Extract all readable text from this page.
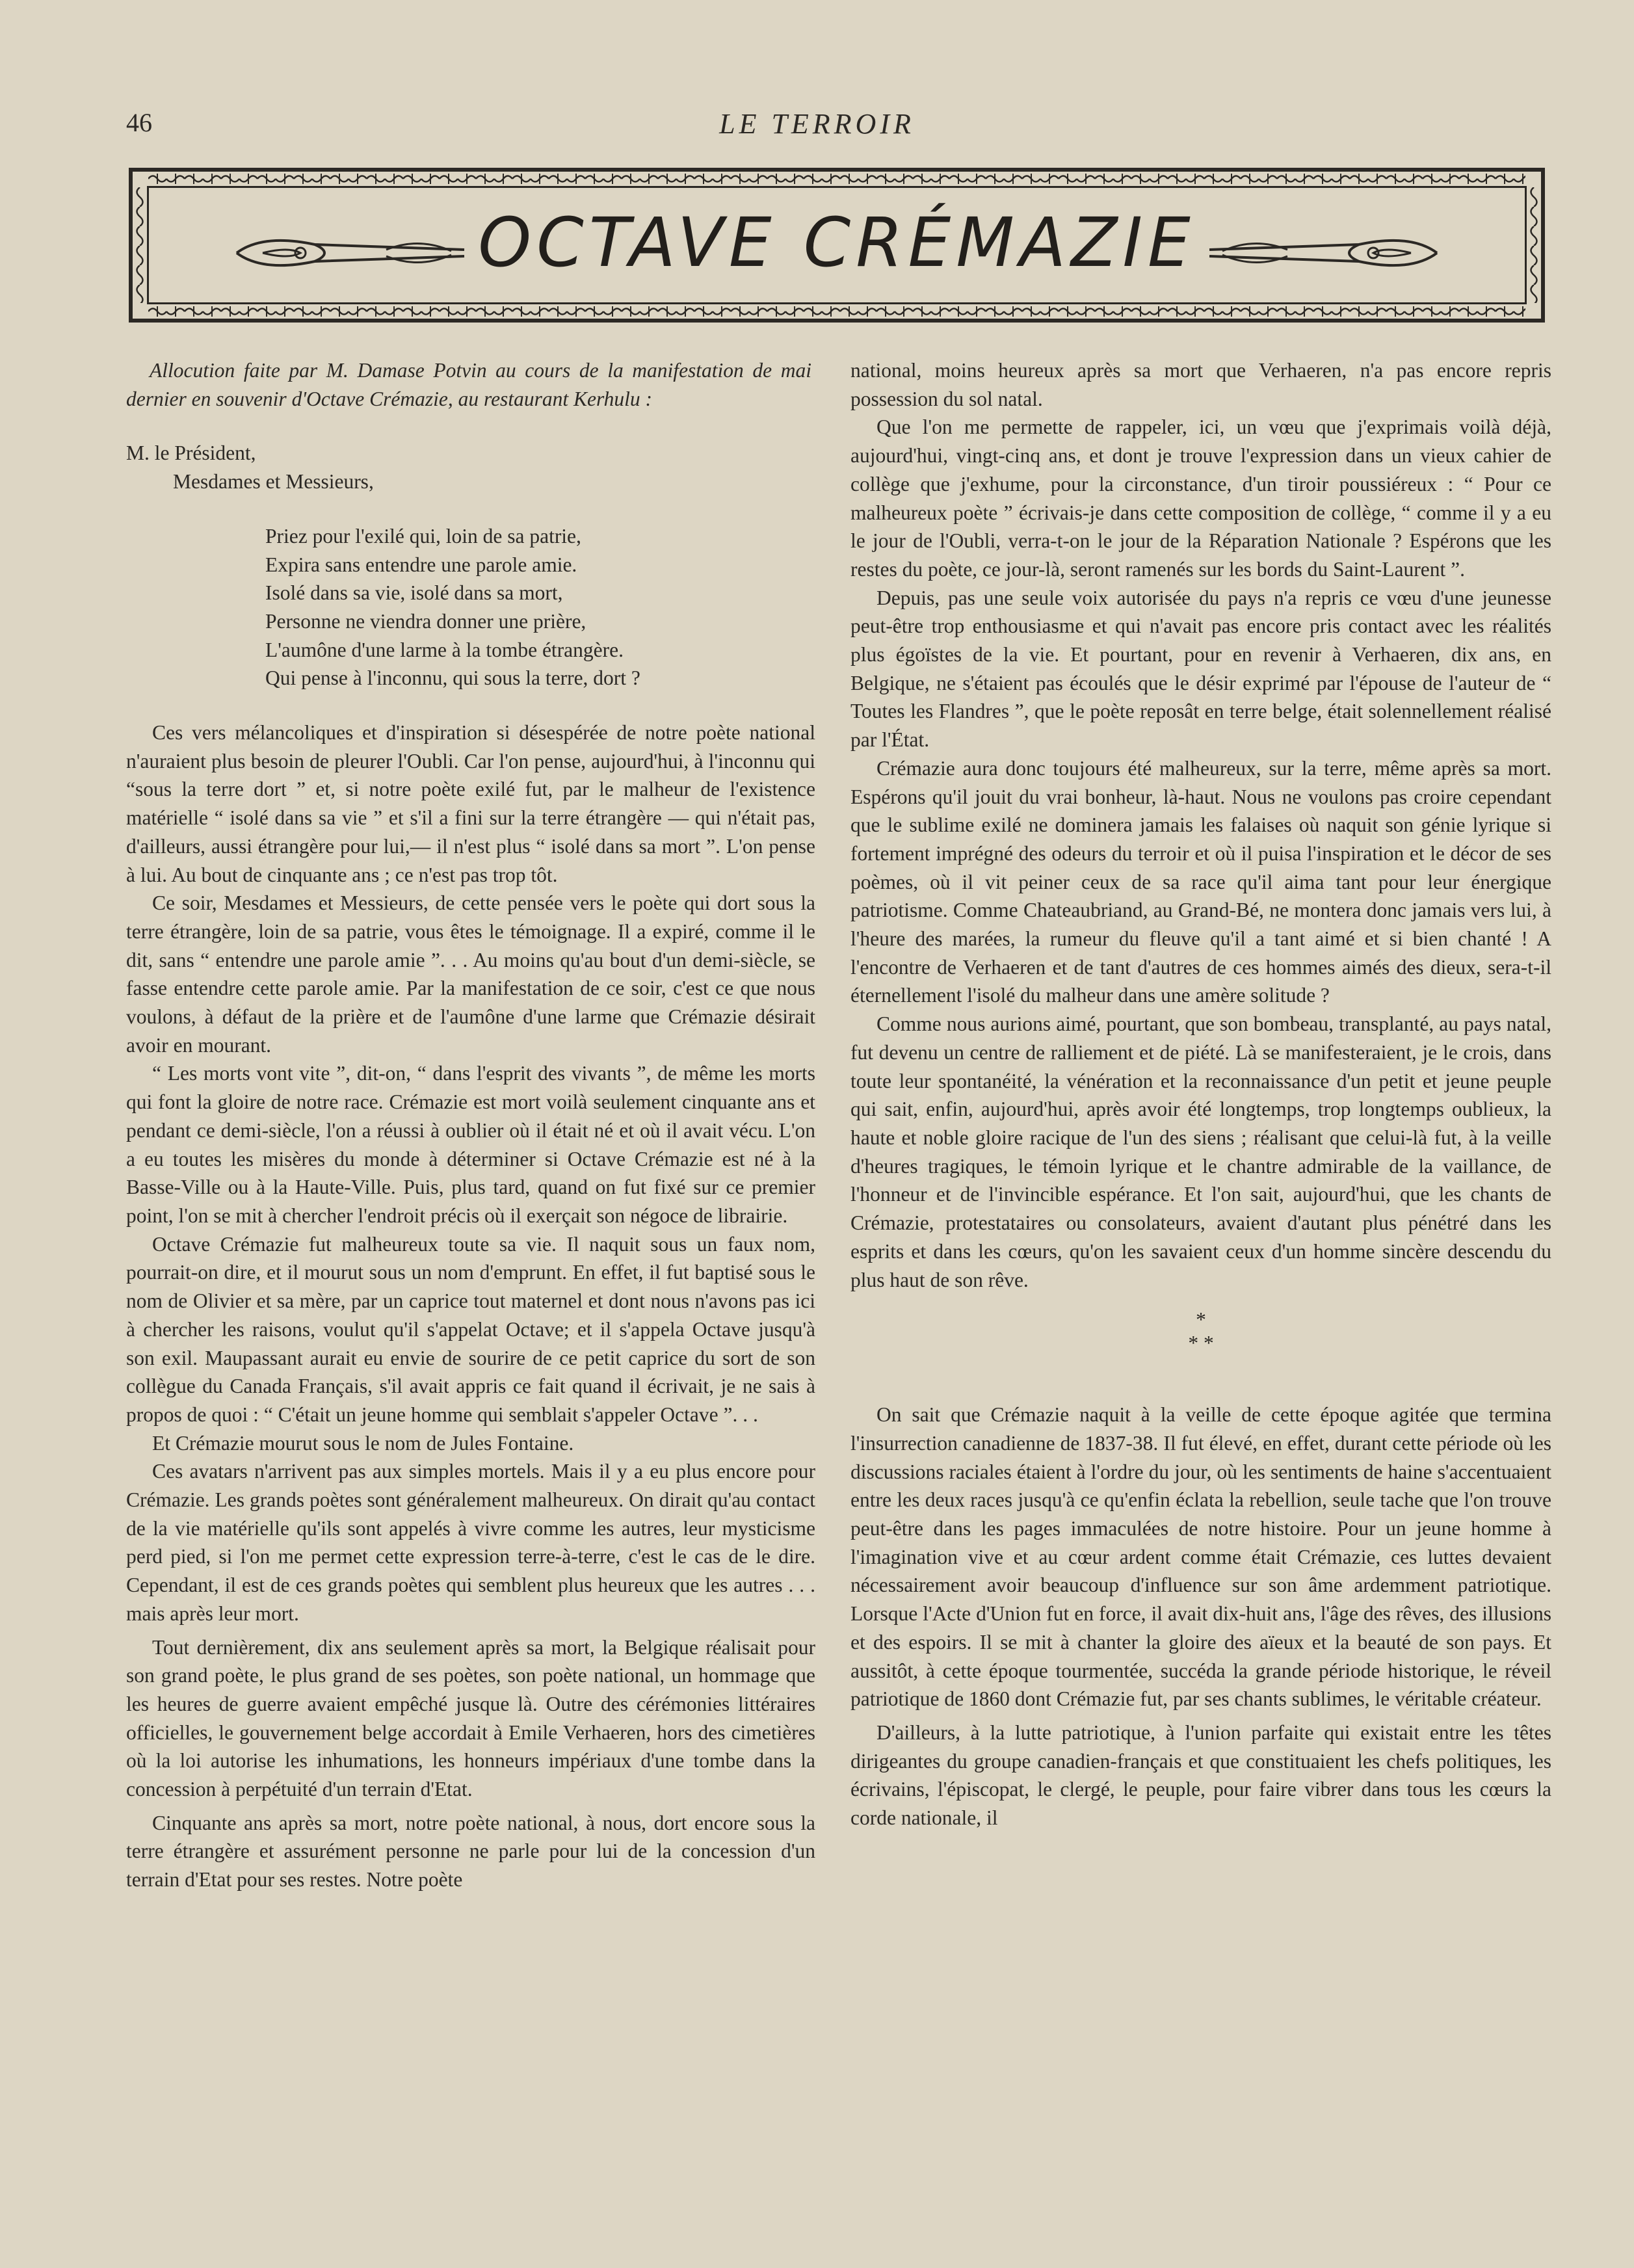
LE TERROIR
46
OCTAVE CRÉMAZIE

Allocution faite par M. Damase Potvin au cours de la manifestation de mai dernier en souvenir d'Octave Crémazie, au restaurant Kerhulu :

M. le Président,

Mesdames et Messieurs,

Priez pour l'exilé qui, loin de sa patrie,
Expira sans entendre une parole amie.
Isolé dans sa vie, isolé dans sa mort,
Personne ne viendra donner une prière,
L'aumône d'une larme à la tombe étrangère.
Qui pense à l'inconnu, qui sous la terre, dort ?

Ces vers mélancoliques et d'inspiration si désespérée de notre poète national n'auraient plus besoin de pleurer l'Oubli. Car l'on pense, aujourd'hui, à l'inconnu qui “sous la terre dort ” et, si notre poète exilé fut, par le malheur de l'existence matérielle “ isolé dans sa vie ” et s'il a fini sur la terre étrangère — qui n'était pas, d'ailleurs, aussi étrangère pour lui,— il n'est plus “ isolé dans sa mort ”. L'on pense à lui. Au bout de cinquante ans ; ce n'est pas trop tôt.

Ce soir, Mesdames et Messieurs, de cette pensée vers le poète qui dort sous la terre étrangère, loin de sa patrie, vous êtes le témoignage. Il a expiré, comme il le dit, sans “ entendre une parole amie ”. . . Au moins qu'au bout d'un demi-siècle, se fasse entendre cette parole amie. Par la manifestation de ce soir, c'est ce que nous voulons, à défaut de la prière et de l'aumône d'une larme que Crémazie désirait avoir en mourant.

“ Les morts vont vite ”, dit-on, “ dans l'esprit des vivants ”, de même les morts qui font la gloire de notre race. Crémazie est mort voilà seulement cinquante ans et pendant ce demi-siècle, l'on a réussi à oublier où il était né et où il avait vécu. L'on a eu toutes les misères du monde à déterminer si Octave Crémazie est né à la Basse-Ville ou à la Haute-Ville. Puis, plus tard, quand on fut fixé sur ce premier point, l'on se mit à chercher l'endroit précis où il exerçait son négoce de librairie.

Octave Crémazie fut malheureux toute sa vie. Il naquit sous un faux nom, pourrait-on dire, et il mourut sous un nom d'emprunt. En effet, il fut baptisé sous le nom de Olivier et sa mère, par un caprice tout maternel et dont nous n'avons pas ici à chercher les raisons, voulut qu'il s'appelat Octave; et il s'appela Octave jusqu'à son exil. Maupassant aurait eu envie de sourire de ce petit caprice du sort de son collègue du Canada Français, s'il avait appris ce fait quand il écrivait, je ne sais à propos de quoi : “ C'était un jeune homme qui semblait s'appeler Octave ”. . .

Et Crémazie mourut sous le nom de Jules Fontaine.

Ces avatars n'arrivent pas aux simples mortels. Mais il y a eu plus encore pour Crémazie. Les grands poètes sont généralement malheureux. On dirait qu'au contact de la vie matérielle qu'ils sont appelés à vivre comme les autres, leur mysticisme perd pied, si l'on me permet cette expression terre-à-terre, c'est le cas de le dire. Cependant, il est de ces grands poètes qui semblent plus heureux que les autres . . . mais après leur mort.

Tout dernièrement, dix ans seulement après sa mort, la Belgique réalisait pour son grand poète, le plus grand de ses poètes, son poète national, un hommage que les heures de guerre avaient empêché jusque là. Outre des cérémonies littéraires officielles, le gouvernement belge accordait à Emile Verhaeren, hors des cimetières où la loi autorise les inhumations, les honneurs impériaux d'une tombe dans la concession à perpétuité d'un terrain d'Etat.

Cinquante ans après sa mort, notre poète national, à nous, dort encore sous la terre étrangère et assurément personne ne parle pour lui de la concession d'un terrain d'Etat pour ses restes. Notre poète

national, moins heureux après sa mort que Verhaeren, n'a pas encore repris possession du sol natal.

Que l'on me permette de rappeler, ici, un vœu que j'exprimais voilà déjà, aujourd'hui, vingt-cinq ans, et dont je trouve l'expression dans un vieux cahier de collège que j'exhume, pour la circonstance, d'un tiroir poussiéreux : “ Pour ce malheureux poète ” écrivais-je dans cette composition de collège, “ comme il y a eu le jour de l'Oubli, verra-t-on le jour de la Réparation Nationale ? Espérons que les restes du poète, ce jour-là, seront ramenés sur les bords du Saint-Laurent ”.

Depuis, pas une seule voix autorisée du pays n'a repris ce vœu d'une jeunesse peut-être trop enthousiasme et qui n'avait pas encore pris contact avec les réalités plus égoïstes de la vie. Et pourtant, pour en revenir à Verhaeren, dix ans, en Belgique, ne s'étaient pas écoulés que le désir exprimé par l'épouse de l'auteur de “ Toutes les Flandres ”, que le poète reposât en terre belge, était solennellement réalisé par l'État.

Crémazie aura donc toujours été malheureux, sur la terre, même après sa mort. Espérons qu'il jouit du vrai bonheur, là-haut. Nous ne voulons pas croire cependant que le sublime exilé ne dominera jamais les falaises où naquit son génie lyrique si fortement imprégné des odeurs du terroir et où il puisa l'inspiration et le décor de ses poèmes, où il vit peiner ceux de sa race qu'il aima tant pour leur énergique patriotisme. Comme Chateaubriand, au Grand-Bé, ne montera donc jamais vers lui, à l'heure des marées, la rumeur du fleuve qu'il a tant aimé et si bien chanté ! A l'encontre de Verhaeren et de tant d'autres de ces hommes aimés des dieux, sera-t-il éternellement l'isolé du malheur dans une amère solitude ?

Comme nous aurions aimé, pourtant, que son bombeau, transplanté, au pays natal, fut devenu un centre de ralliement et de piété. Là se manifesteraient, je le crois, dans toute leur spontanéité, la vénération et la reconnaissance d'un petit et jeune peuple qui sait, enfin, aujourd'hui, après avoir été longtemps, trop longtemps oublieux, la haute et noble gloire racique de l'un des siens ; réalisant que celui-là fut, à la veille d'heures tragiques, le témoin lyrique et le chantre admirable de la vaillance, de l'honneur et de l'invincible espérance. Et l'on sait, aujourd'hui, que les chants de Crémazie, protestataires ou consolateurs, avaient d'autant plus pénétré dans les esprits et dans les cœurs, qu'on les savaient ceux d'un homme sincère descendu du plus haut de son rêve.

*
* *

On sait que Crémazie naquit à la veille de cette époque agitée que termina l'insurrection canadienne de 1837-38. Il fut élevé, en effet, durant cette période où les discussions raciales étaient à l'ordre du jour, où les sentiments de haine s'accentuaient entre les deux races jusqu'à ce qu'enfin éclata la rebellion, seule tache que l'on trouve peut-être dans les pages immaculées de notre histoire. Pour un jeune homme à l'imagination vive et au cœur ardent comme était Crémazie, ces luttes devaient nécessairement avoir beaucoup d'influence sur son âme ardemment patriotique. Lorsque l'Acte d'Union fut en force, il avait dix-huit ans, l'âge des rêves, des illusions et des espoirs. Il se mit à chanter la gloire des aïeux et la beauté de son pays. Et aussitôt, à cette époque tourmentée, succéda la grande période historique, le réveil patriotique de 1860 dont Crémazie fut, par ses chants sublimes, le véritable créateur.

D'ailleurs, à la lutte patriotique, à l'union parfaite qui existait entre les têtes dirigeantes du groupe canadien-français et que constituaient les chefs politiques, les écrivains, l'épiscopat, le clergé, le peuple, pour faire vibrer dans tous les cœurs la corde nationale, il
